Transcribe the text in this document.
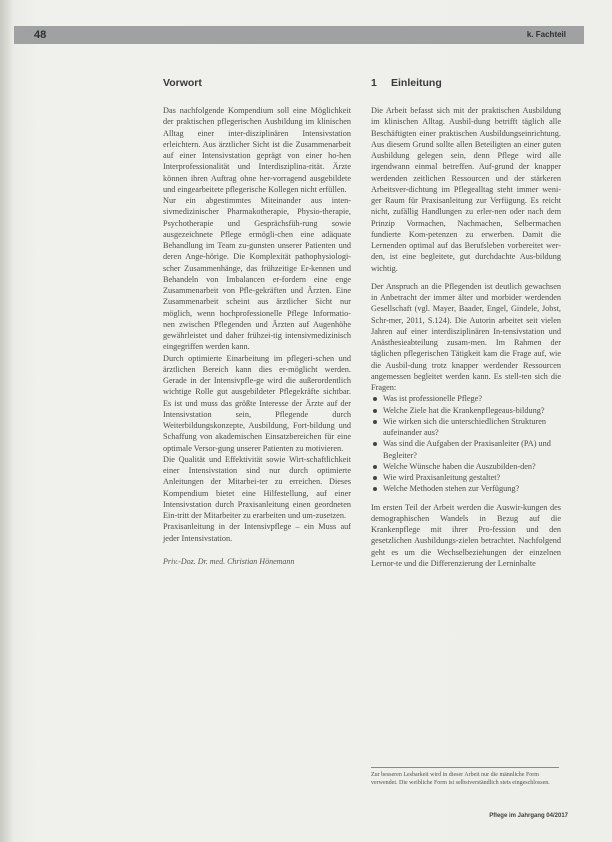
48	k. Fachteil
Vorwort

Das nachfolgende Kompendium soll eine Möglichkeit der praktischen pflegerischen Ausbildung im klinischen Alltag einer inter-disziplinären Intensivstation erleichtern. Aus ärztlicher Sicht ist die Zusammenarbeit auf einer Intensivstation geprägt von einer ho-hen Interprofessionalität und Interdisziplina-rität. Ärzte können ihren Auftrag ohne her-vorragend ausgebildete und eingearbeitete pflegerische Kollegen nicht erfüllen.

Nur ein abgestimmtes Miteinander aus inten-sivmedizinischer Pharmakotherapie, Physio-therapie, Psychotherapie und Gesprächsfüh-rung sowie ausgezeichnete Pflege ermögli-chen eine adäquate Behandlung im Team zu-gunsten unserer Patienten und deren Ange-hörige. Die Komplexität pathophysiologi-scher Zusammenhänge, das frühzeitige Er-kennen und Behandeln von Imbalancen er-fordern eine enge Zusammenarbeit von Pfle-gekräften und Ärzten. Eine Zusammenarbeit scheint aus ärztlicher Sicht nur möglich, wenn hochprofessionelle Pflege Informatio-nen zwischen Pflegenden und Ärzten auf Augenhöhe gewährleistet und daher frühzei-tig intensivmedizinisch eingegriffen werden kann.

Durch optimierte Einarbeitung im pflegeri-schen und ärztlichen Bereich kann dies er-möglicht werden. Gerade in der Intensivpfle-ge wird die außerordentlich wichtige Rolle gut ausgebildeter Pflegekräfte sichtbar. Es ist und muss das größte Interesse der Ärzte auf der Intensivstation sein, Pflegende durch Weiterbildungskonzepte, Ausbildung, Fort-bildung und Schaffung von akademischen Einsatzbereichen für eine optimale Versor-gung unserer Patienten zu motivieren.

Die Qualität und Effektivität sowie Wirt-schaftlichkeit einer Intensivstation sind nur durch optimierte Anleitungen der Mitarbei-ter zu erreichen. Dieses Kompendium bietet eine Hilfestellung, auf einer Intensivstation durch Praxisanleitung einen geordneten Ein-tritt der Mitarbeiter zu erarbeiten und um-zusetzen.

Praxisanleitung in der Intensivpflege – ein Muss auf jeder Intensivstation.

Priv.-Doz. Dr. med. Christian Hönemann
1 Einleitung

Die Arbeit befasst sich mit der praktischen Ausbildung im klinischen Alltag. Ausbil-dung betrifft täglich alle Beschäftigten einer praktischen Ausbildungseinrichtung. Aus diesem Grund sollte allen Beteiligten an einer guten Ausbildung gelegen sein, denn Pflege wird alle irgendwann einmal betreffen. Auf-grund der knapper werdenden zeitlichen Ressourcen und der stärkeren Arbeitsver-dichtung im Pflegealltag steht immer weni-ger Raum für Praxisanleitung zur Verfügung. Es reicht nicht, zufällig Handlungen zu erler-nen oder nach dem Prinzip Vormachen, Nachmachen, Selbermachen fundierte Kom-petenzen zu erwerben. Damit die Lernenden optimal auf das Berufsleben vorbereitet wer-den, ist eine begleitete, gut durchdachte Aus-bildung wichtig.

Der Anspruch an die Pflegenden ist deutlich gewachsen in Anbetracht der immer älter und morbider werdenden Gesellschaft (vgl. Mayer, Baader, Engel, Gindele, Jobst, Schr-mer, 2011, S.124). Die Autorin arbeitet seit vielen Jahren auf einer interdisziplinären In-tensivstation und Anästhesieabteilung zusam-men. Im Rahmen der täglichen pflegerischen Tätigkeit kam die Frage auf, wie die Ausbil-dung trotz knapper werdender Ressourcen angemessen begleitet werden kann. Es stell-ten sich die Fragen:

Was ist professionelle Pflege?
Welche Ziele hat die Krankenpflegeaus-bildung?
Wie wirken sich die unterschiedlichen Strukturen aufeinander aus?
Was sind die Aufgaben der Praxisanleiter (PA) und Begleiter?
Welche Wünsche haben die Auszubilden-den?
Wie wird Praxisanleitung gestaltet?
Welche Methoden stehen zur Verfügung?

Im ersten Teil der Arbeit werden die Auswir-kungen des demographischen Wandels in Bezug auf die Krankenpflege mit ihrer Pro-fession und den gesetzlichen Ausbildungs-zielen betrachtet. Nachfolgend geht es um die Wechselbeziehungen der einzelnen Lernor-te und die Differenzierung der Lerninhalte

Zur besseren Lesbarkeit wird in dieser Arbeit nur die männliche Form verwendet. Die weibliche Form ist selbstverständlich stets eingeschlossen.
Pflege im Jahrgang 04/2017
